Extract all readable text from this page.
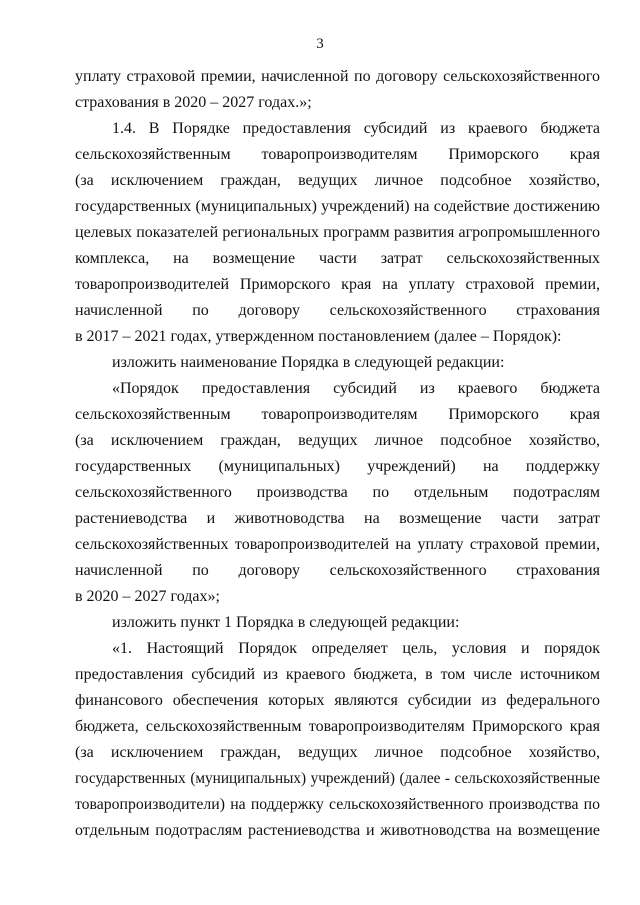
3
уплату страховой премии, начисленной по договору сельскохозяйственного
страхования в 2020 – 2027 годах.»;
1.4. В Порядке предоставления субсидий из краевого бюджета
сельскохозяйственным товаропроизводителям Приморского края
(за исключением граждан, ведущих личное подсобное хозяйство,
государственных (муниципальных) учреждений) на содействие достижению
целевых показателей региональных программ развития агропромышленного
комплекса, на возмещение части затрат сельскохозяйственных
товаропроизводителей Приморского края на уплату страховой премии,
начисленной по договору сельскохозяйственного страхования
в 2017 – 2021 годах, утвержденном постановлением (далее – Порядок):
изложить наименование Порядка в следующей редакции:
«Порядок предоставления субсидий из краевого бюджета
сельскохозяйственным товаропроизводителям Приморского края
(за исключением граждан, ведущих личное подсобное хозяйство,
государственных (муниципальных) учреждений) на поддержку
сельскохозяйственного производства по отдельным подотраслям
растениеводства и животноводства на возмещение части затрат
сельскохозяйственных товаропроизводителей на уплату страховой премии,
начисленной по договору сельскохозяйственного страхования
в 2020 – 2027 годах»;
изложить пункт 1 Порядка в следующей редакции:
«1. Настоящий Порядок определяет цель, условия и порядок
предоставления субсидий из краевого бюджета, в том числе источником
финансового обеспечения которых являются субсидии из федерального
бюджета, сельскохозяйственным товаропроизводителям Приморского края
(за исключением граждан, ведущих личное подсобное хозяйство,
государственных (муниципальных) учреждений) (далее - сельскохозяйственные
товаропроизводители) на поддержку сельскохозяйственного производства по
отдельным подотраслям растениеводства и животноводства на возмещение
